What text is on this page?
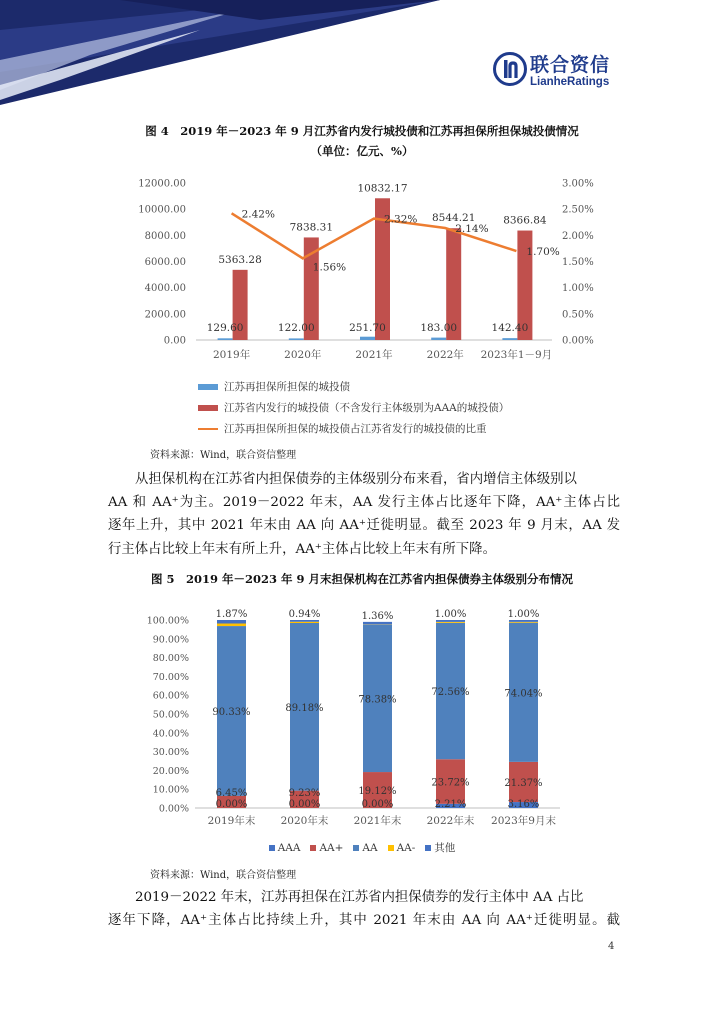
联合资信
LianheRatings
图 4　2019 年－2023 年 9 月江苏省内发行城投债和江苏再担保所担保城投债情况
（单位：亿元、%）
0.00
2000.00
4000.00
6000.00
8000.00
10000.00
12000.00
0.00%
0.50%
1.00%
1.50%
2.00%
2.50%
3.00%
129.60
5363.28
2019年
122.00
7838.31
2020年
251.70
10832.17
2021年
183.00
8544.21
2022年
142.40
8366.84
2023年1－9月
2.42%
1.56%
2.32%
2.14%
1.70%
江苏再担保所担保的城投债
江苏省内发行的城投债（不含发行主体级别为AAA的城投债）
江苏再担保所担保的城投债占江苏省发行的城投债的比重
资料来源：Wind，联合资信整理
从担保机构在江苏省内担保债券的主体级别分布来看，省内增信主体级别以
AA 和 AA⁺为主。2019－2022 年末，AA 发行主体占比逐年下降，AA⁺主体占比
逐年上升，其中 2021 年末由 AA 向 AA⁺迁徙明显。截至 2023 年 9 月末，AA 发
行主体占比较上年末有所上升，AA⁺主体占比较上年末有所下降。
图 5　2019 年－2023 年 9 月末担保机构在江苏省内担保债券主体级别分布情况
0.00%
10.00%
20.00%
30.00%
40.00%
50.00%
60.00%
70.00%
80.00%
90.00%
100.00%
1.87%
90.33%
6.45%
0.00%
2019年末
0.94%
89.18%
9.23%
0.00%
2020年末
1.36%
78.38%
19.12%
0.00%
2021年末
1.00%
72.56%
23.72%
2.21%
2022年末
1.00%
74.04%
21.37%
3.16%
2023年9月末
AAA AA+ AA AA- 其他
资料来源：Wind，联合资信整理
2019－2022 年末，江苏再担保在江苏省内担保债券的发行主体中 AA 占比
逐年下降，AA⁺主体占比持续上升，其中 2021 年末由 AA 向 AA⁺迁徙明显。截
4
